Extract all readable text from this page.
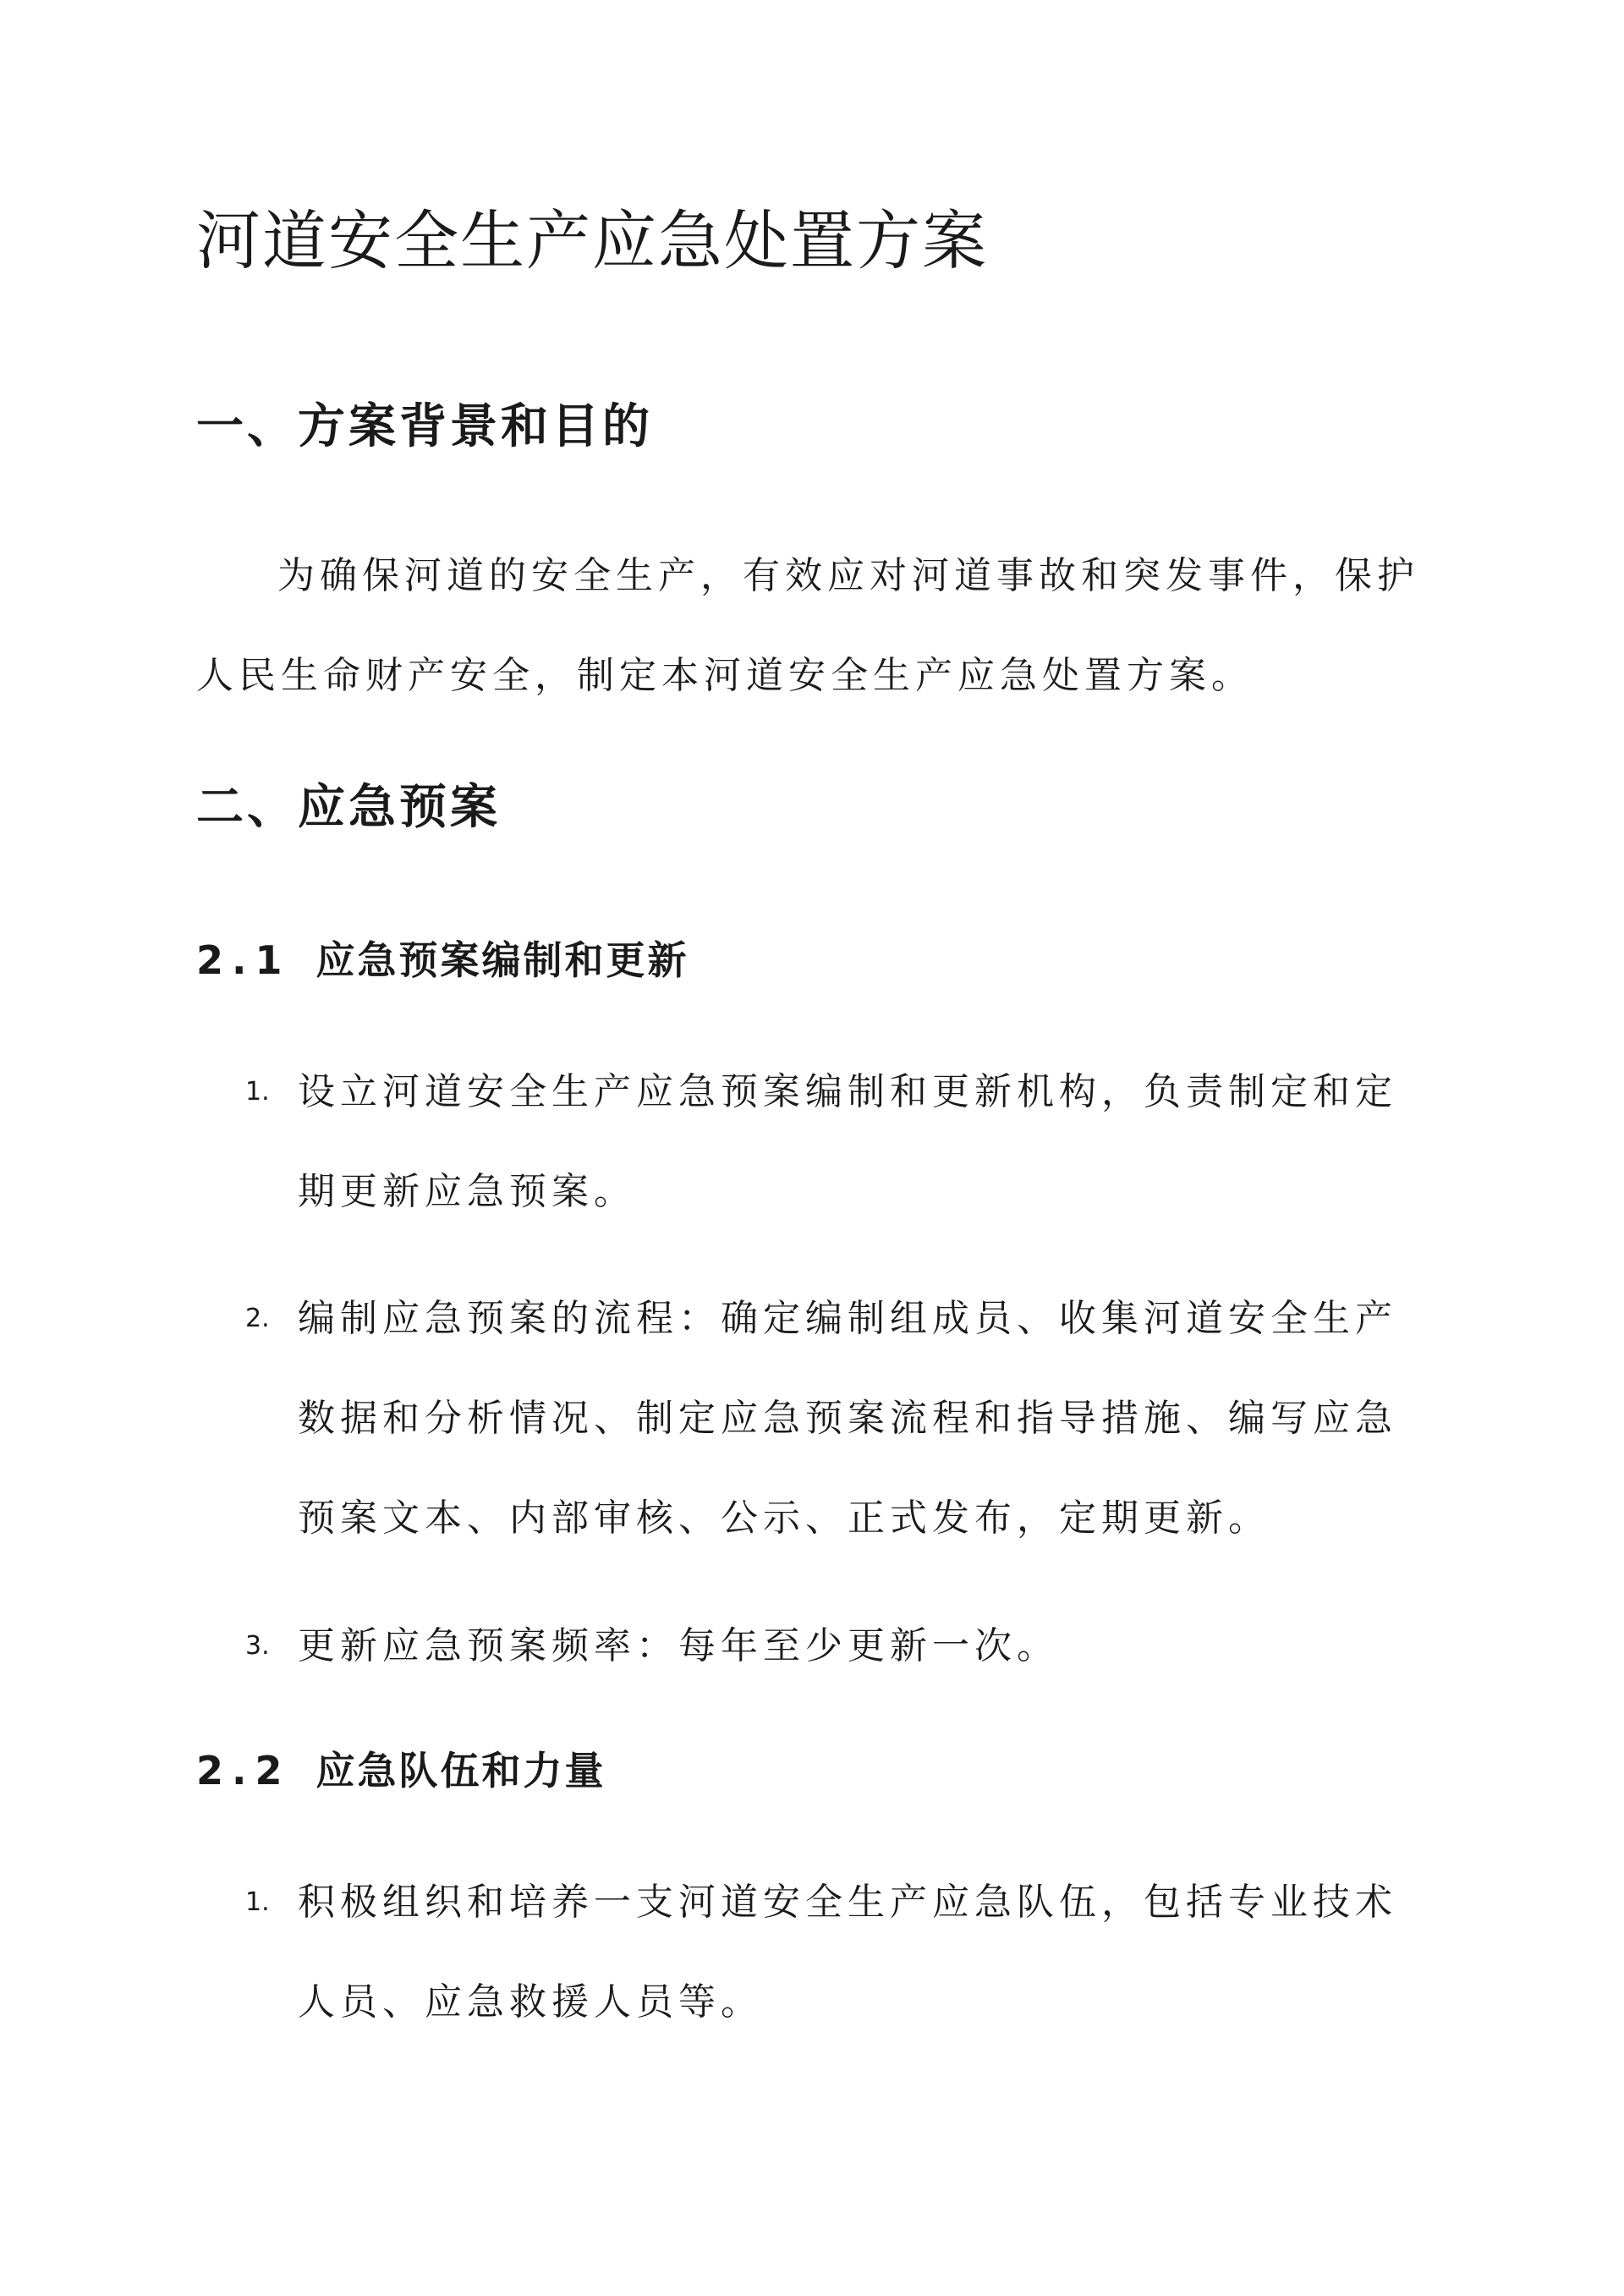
河道安全生产应急处置方案
一、方案背景和目的

为确保河道的安全生产，有效应对河道事故和突发事件，保护
人民生命财产安全，制定本河道安全生产应急处置方案。

二、应急预案
2.1 应急预案编制和更新
1. 设立河道安全生产应急预案编制和更新机构，负责制定和定
期更新应急预案。
2. 编制应急预案的流程：确定编制组成员、收集河道安全生产
数据和分析情况、制定应急预案流程和指导措施、编写应急
预案文本、内部审核、公示、正式发布，定期更新。
3. 更新应急预案频率：每年至少更新一次。
2.2 应急队伍和力量
1. 积极组织和培养一支河道安全生产应急队伍，包括专业技术
人员、应急救援人员等。
